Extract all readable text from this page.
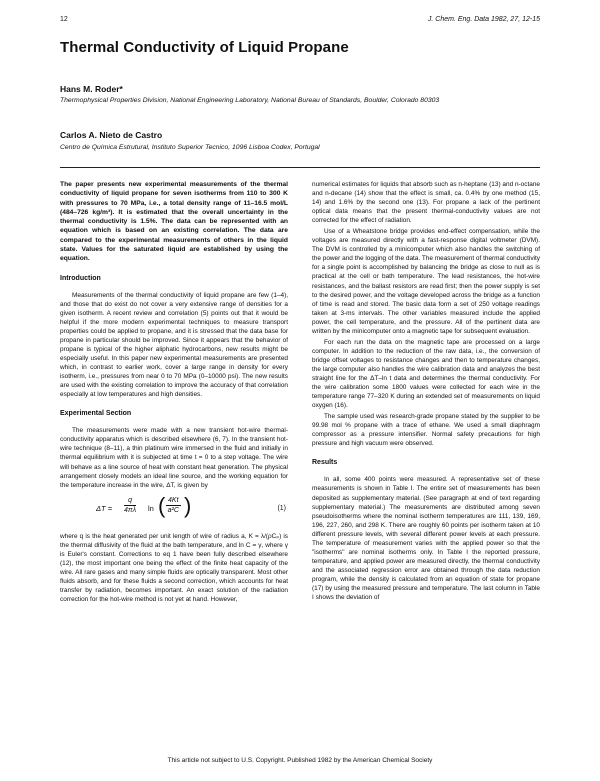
12	J. Chem. Eng. Data 1982, 27, 12-15
Thermal Conductivity of Liquid Propane
Hans M. Roder*
Thermophysical Properties Division, National Engineering Laboratory, National Bureau of Standards, Boulder, Colorado 80303
Carlos A. Nieto de Castro
Centro de Química Estrutural, Instituto Superior Tecnico, 1096 Lisboa Codex, Portugal
The paper presents new experimental measurements of the thermal conductivity of liquid propane for seven isotherms from 110 to 300 K with pressures to 70 MPa, i.e., a total density range of 11–16.5 mol/L (484–726 kg/m³). It is estimated that the overall uncertainty in the thermal conductivity is 1.5%. The data can be represented with an equation which is based on an existing correlation. The data are compared to the experimental measurements of others in the liquid state. Values for the saturated liquid are established by using the equation.
Introduction

Measurements of the thermal conductivity of liquid propane are few (1–4), and those that do exist do not cover a very extensive range of densities for a given isotherm. A recent review and correlation (5) points out that it would be helpful if the more modern experimental techniques to measure transport properties could be applied to propane, and it is stressed that the data base for propane in particular should be improved. Since it appears that the behavior of propane is typical of the higher aliphatic hydrocarbons, new results might be especially useful. In this paper new experimental measurements are presented which, in contrast to earlier work, cover a large range in density for every isotherm, i.e., pressures from near 0 to 70 MPa (0–10000 psi). The new results are used with the existing correlation to improve the accuracy of that correlation especially at low temperatures and high densities.

Experimental Section

The measurements were made with a new transient hot-wire thermal-conductivity apparatus which is described elsewhere (6, 7). In the transient hot-wire technique (8–11), a thin platinum wire immersed in the fluid and initially in thermal equilibrium with it is subjected at time t = 0 to a step voltage. The wire will behave as a line source of heat with constant heat generation. The physical arrangement closely models an ideal line source, and the working equation for the temperature increase in the wire, ΔT, is given by

$\Delta T = \frac{q}{4\pi\lambda}$ ln ( $\frac{4Kt}{\text{a²C}}$ )	(1)

where q is the heat generated per unit length of wire of radius a, K = λ/(ρCₚ) is the thermal diffusivity of the fluid at the bath temperature, and ln C = γ, where γ is Euler's constant. Corrections to eq 1 have been fully described elsewhere (12), the most important one being the effect of the finite heat capacity of the wire. All rare gases and many simple fluids are optically transparent. Most other fluids absorb, and for these fluids a second correction, which accounts for heat transfer by radiation, becomes important. An exact solution of the radiation correction for the hot-wire method is not yet at hand. However,

numerical estimates for liquids that absorb such as n-heptane (13) and n-octane and n-decane (14) show that the effect is small, ca. 0.4% by one method (15, 14) and 1.6% by the second one (13). For propane a lack of the pertinent optical data means that the present thermal-conductivity values are not corrected for the effect of radiation.

Use of a Wheatstone bridge provides end-effect compensation, while the voltages are measured directly with a fast-response digital voltmeter (DVM). The DVM is controlled by a minicomputer which also handles the switching of the power and the logging of the data. The measurement of thermal conductivity for a single point is accomplished by balancing the bridge as close to null as is practical at the cell or bath temperature. The lead resistances, the hot-wire resistances, and the ballast resistors are read first; then the power supply is set to the desired power, and the voltage developed across the bridge as a function of time is read and stored. The basic data form a set of 250 voltage readings taken at 3-ms intervals. The other variables measured include the applied power, the cell temperature, and the pressure. All of the pertinent data are written by the minicomputer onto a magnetic tape for subsequent evaluation.

For each run the data on the magnetic tape are processed on a large computer. In addition to the reduction of the raw data, i.e., the conversion of bridge offset voltages to resistance changes and then to temperature changes, the large computer also handles the wire calibration data and analyzes the best straight line for the ΔT–ln t data and determines the thermal conductivity. For the wire calibration some 1800 values were collected for each wire in the temperature range 77–320 K during an extended set of measurements on liquid oxygen (16).

The sample used was research-grade propane stated by the supplier to be 99.98 mol % propane with a trace of ethane. We used a small diaphragm compressor as a pressure intensifier. Normal safety precautions for high pressure and high vacuum were observed.

Results

In all, some 400 points were measured. A representative set of these measurements is shown in Table I. The entire set of measurements has been deposited as supplementary material. (See paragraph at end of text regarding supplementary material.) The measurements are distributed among seven pseudoisotherms where the nominal isotherm temperatures are 111, 139, 169, 196, 227, 260, and 298 K. There are roughly 60 points per isotherm taken at 10 different pressure levels, with several different power levels at each pressure. The temperature of measurement varies with the applied power so that the "isotherms" are nominal isotherms only. In Table I the reported pressure, temperature, and applied power are measured directly, the thermal conductivity and the associated regression error are obtained through the data reduction program, while the density is calculated from an equation of state for propane (17) by using the measured pressure and temperature. The last column in Table I shows the deviation of

This article not subject to U.S. Copyright. Published 1982 by the American Chemical Society
